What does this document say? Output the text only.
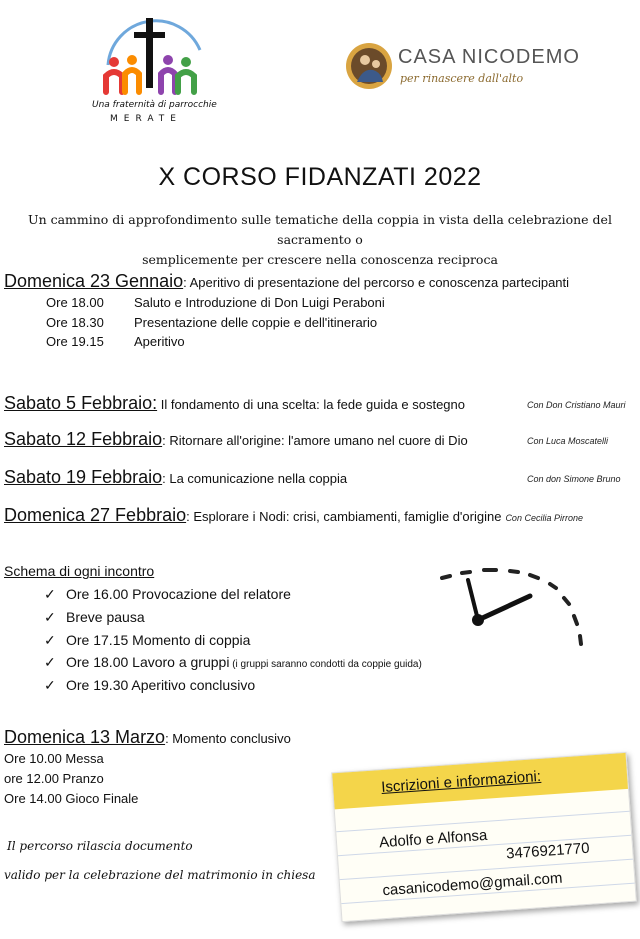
Una fraternità di parrocchie
MERATE
CASA NICODEMO
per rinascere dall'alto
X CORSO FIDANZATI 2022
Un cammino di approfondimento sulle tematiche della coppia in vista della celebrazione del sacramento o
semplicemente per crescere nella conoscenza reciproca
Domenica 23 Gennaio: Aperitivo di presentazione del percorso e conoscenza partecipanti
Ore 18.00 Saluto e Introduzione di Don Luigi Peraboni
Ore 18.30 Presentazione delle coppie e dell'itinerario
Ore 19.15 Aperitivo
Sabato 5 Febbraio: Il fondamento di una scelta: la fede guida e sostegno	Con Don Cristiano Mauri
Sabato 12 Febbraio: Ritornare all'origine: l'amore umano nel cuore di Dio	Con Luca Moscatelli
Sabato 19 Febbraio: La comunicazione nella coppia	Con don Simone Bruno
Domenica 27 Febbraio: Esplorare i Nodi: crisi, cambiamenti, famiglie d'origine Con Cecilia Pirrone
Schema di ogni incontro
✓ Ore 16.00 Provocazione del relatore
✓ Breve pausa
✓ Ore 17.15 Momento di coppia
✓ Ore 18.00 Lavoro a gruppi (i gruppi saranno condotti da coppie guida)
✓ Ore 19.30 Aperitivo conclusivo
Domenica 13 Marzo: Momento conclusivo
Ore 10.00 Messa
ore 12.00 Pranzo
Ore 14.00 Gioco Finale
Il percorso rilascia documento
valido per la celebrazione del matrimonio in chiesa
Iscrizioni e informazioni:
Adolfo e Alfonsa 3476921770
casanicodemo@gmail.com
